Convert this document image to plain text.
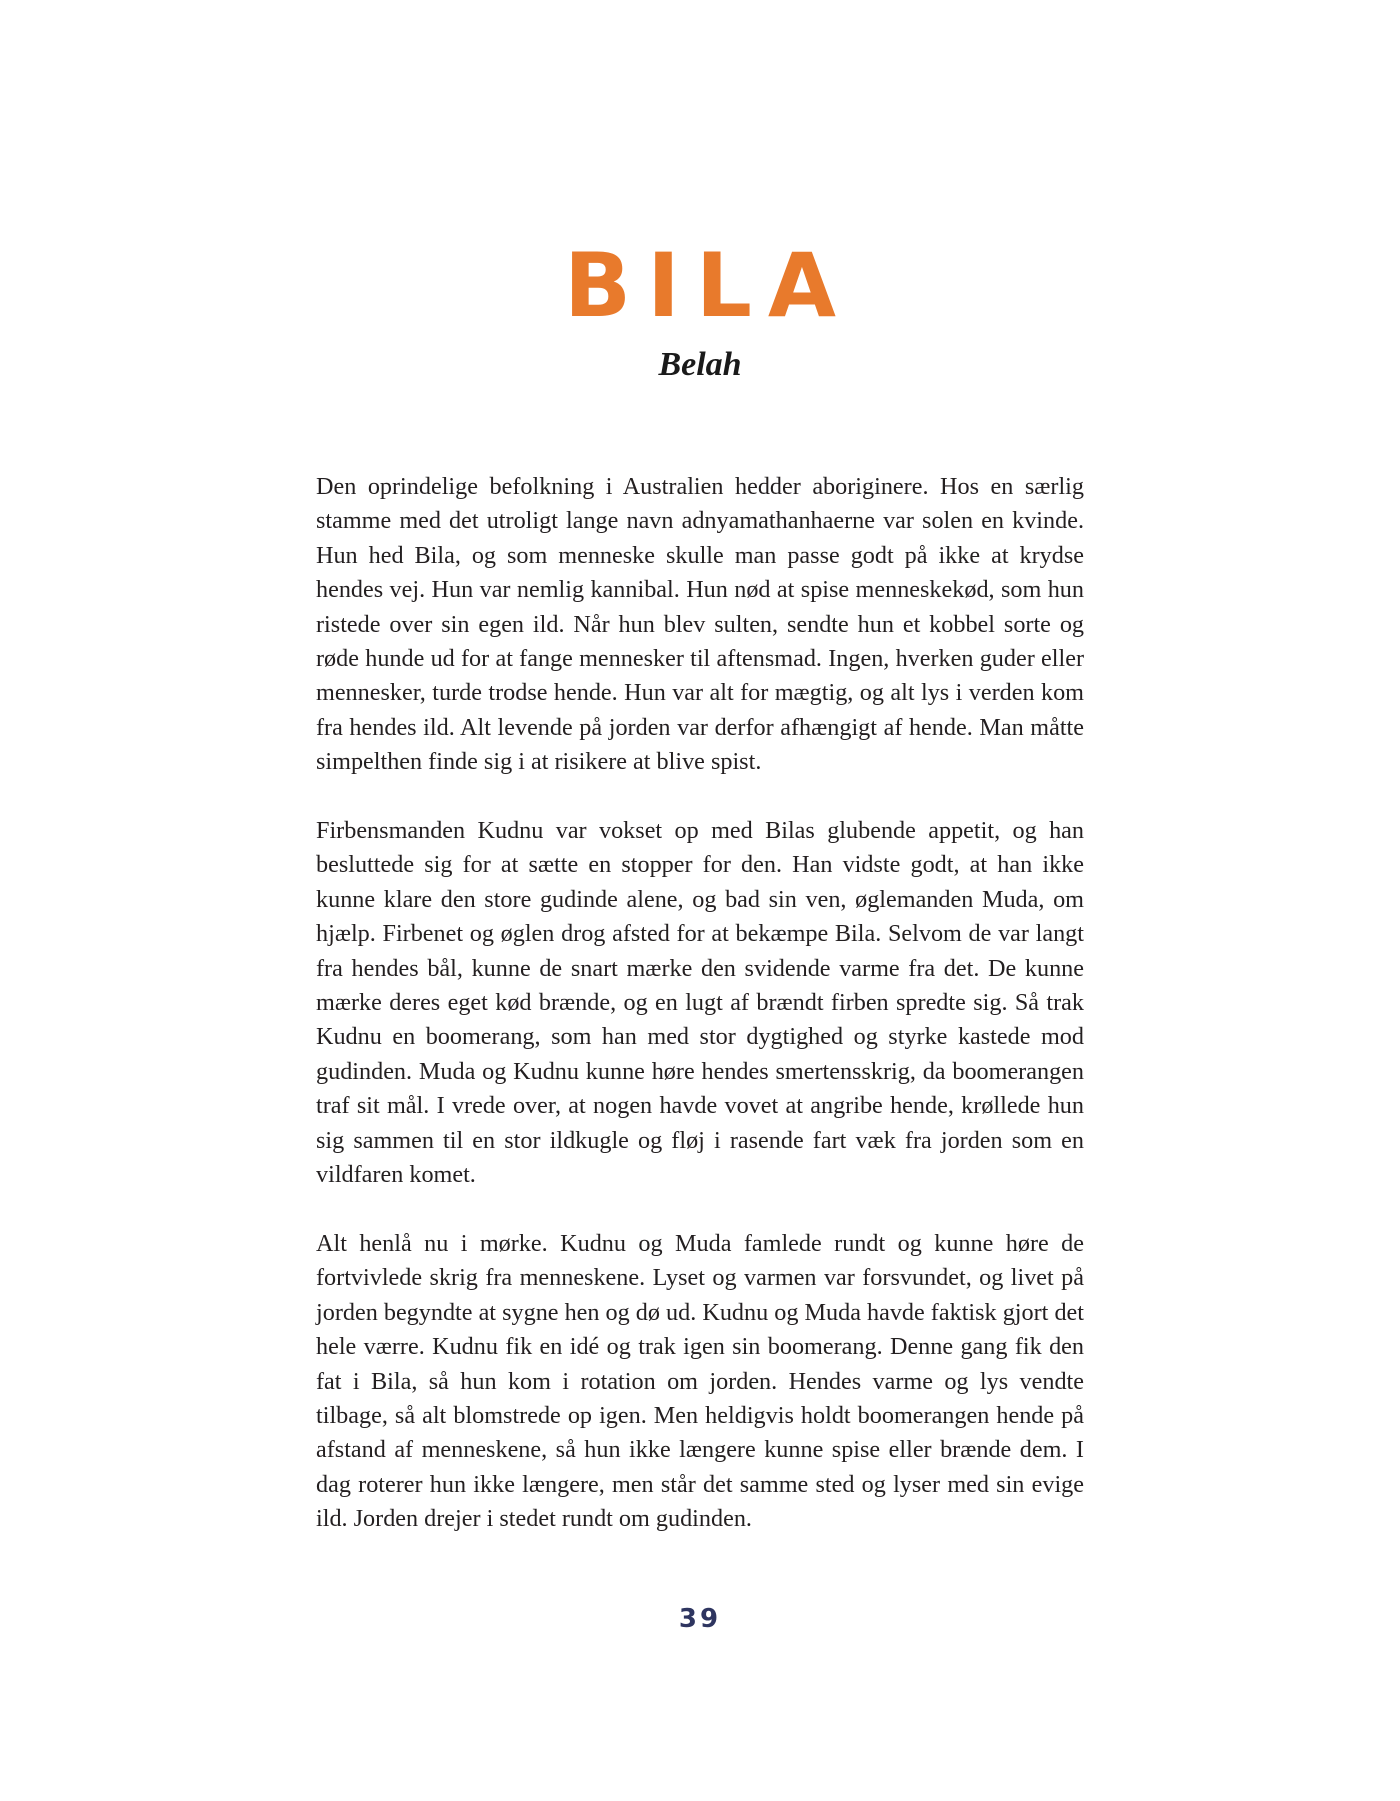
BILA
Belah

Den oprindelige befolkning i Australien hedder aboriginere. Hos en særlig stamme med det utroligt lange navn adnyamathanhaerne var solen en kvinde. Hun hed Bila, og som menneske skulle man passe godt på ikke at krydse hendes vej. Hun var nemlig kannibal. Hun nød at spise menneskekød, som hun ristede over sin egen ild. Når hun blev sulten, sendte hun et kobbel sorte og røde hunde ud for at fange mennesker til aftensmad. Ingen, hverken guder eller mennesker, turde trodse hende. Hun var alt for mægtig, og alt lys i verden kom fra hendes ild. Alt levende på jorden var derfor afhængigt af hende. Man måtte simpelthen finde sig i at risikere at blive spist.

Firbensmanden Kudnu var vokset op med Bilas glubende appetit, og han besluttede sig for at sætte en stopper for den. Han vidste godt, at han ikke kunne klare den store gudinde alene, og bad sin ven, øglemanden Muda, om hjælp. Firbenet og øglen drog afsted for at bekæmpe Bila. Selvom de var langt fra hendes bål, kunne de snart mærke den svidende varme fra det. De kunne mærke deres eget kød brænde, og en lugt af brændt firben spredte sig. Så trak Kudnu en boomerang, som han med stor dygtighed og styrke kastede mod gudinden. Muda og Kudnu kunne høre hendes smertensskrig, da boomerangen traf sit mål. I vrede over, at nogen havde vovet at angribe hende, krøllede hun sig sammen til en stor ildkugle og fløj i rasende fart væk fra jorden som en vildfaren komet.

Alt henlå nu i mørke. Kudnu og Muda famlede rundt og kunne høre de fortvivlede skrig fra menneskene. Lyset og varmen var forsvundet, og livet på jorden begyndte at sygne hen og dø ud. Kudnu og Muda havde faktisk gjort det hele værre. Kudnu fik en idé og trak igen sin boomerang. Denne gang fik den fat i Bila, så hun kom i rotation om jorden. Hendes varme og lys vendte tilbage, så alt blomstrede op igen. Men heldigvis holdt boomerangen hende på afstand af menneskene, så hun ikke længere kunne spise eller brænde dem. I dag roterer hun ikke længere, men står det samme sted og lyser med sin evige ild. Jorden drejer i stedet rundt om gudinden.

39
